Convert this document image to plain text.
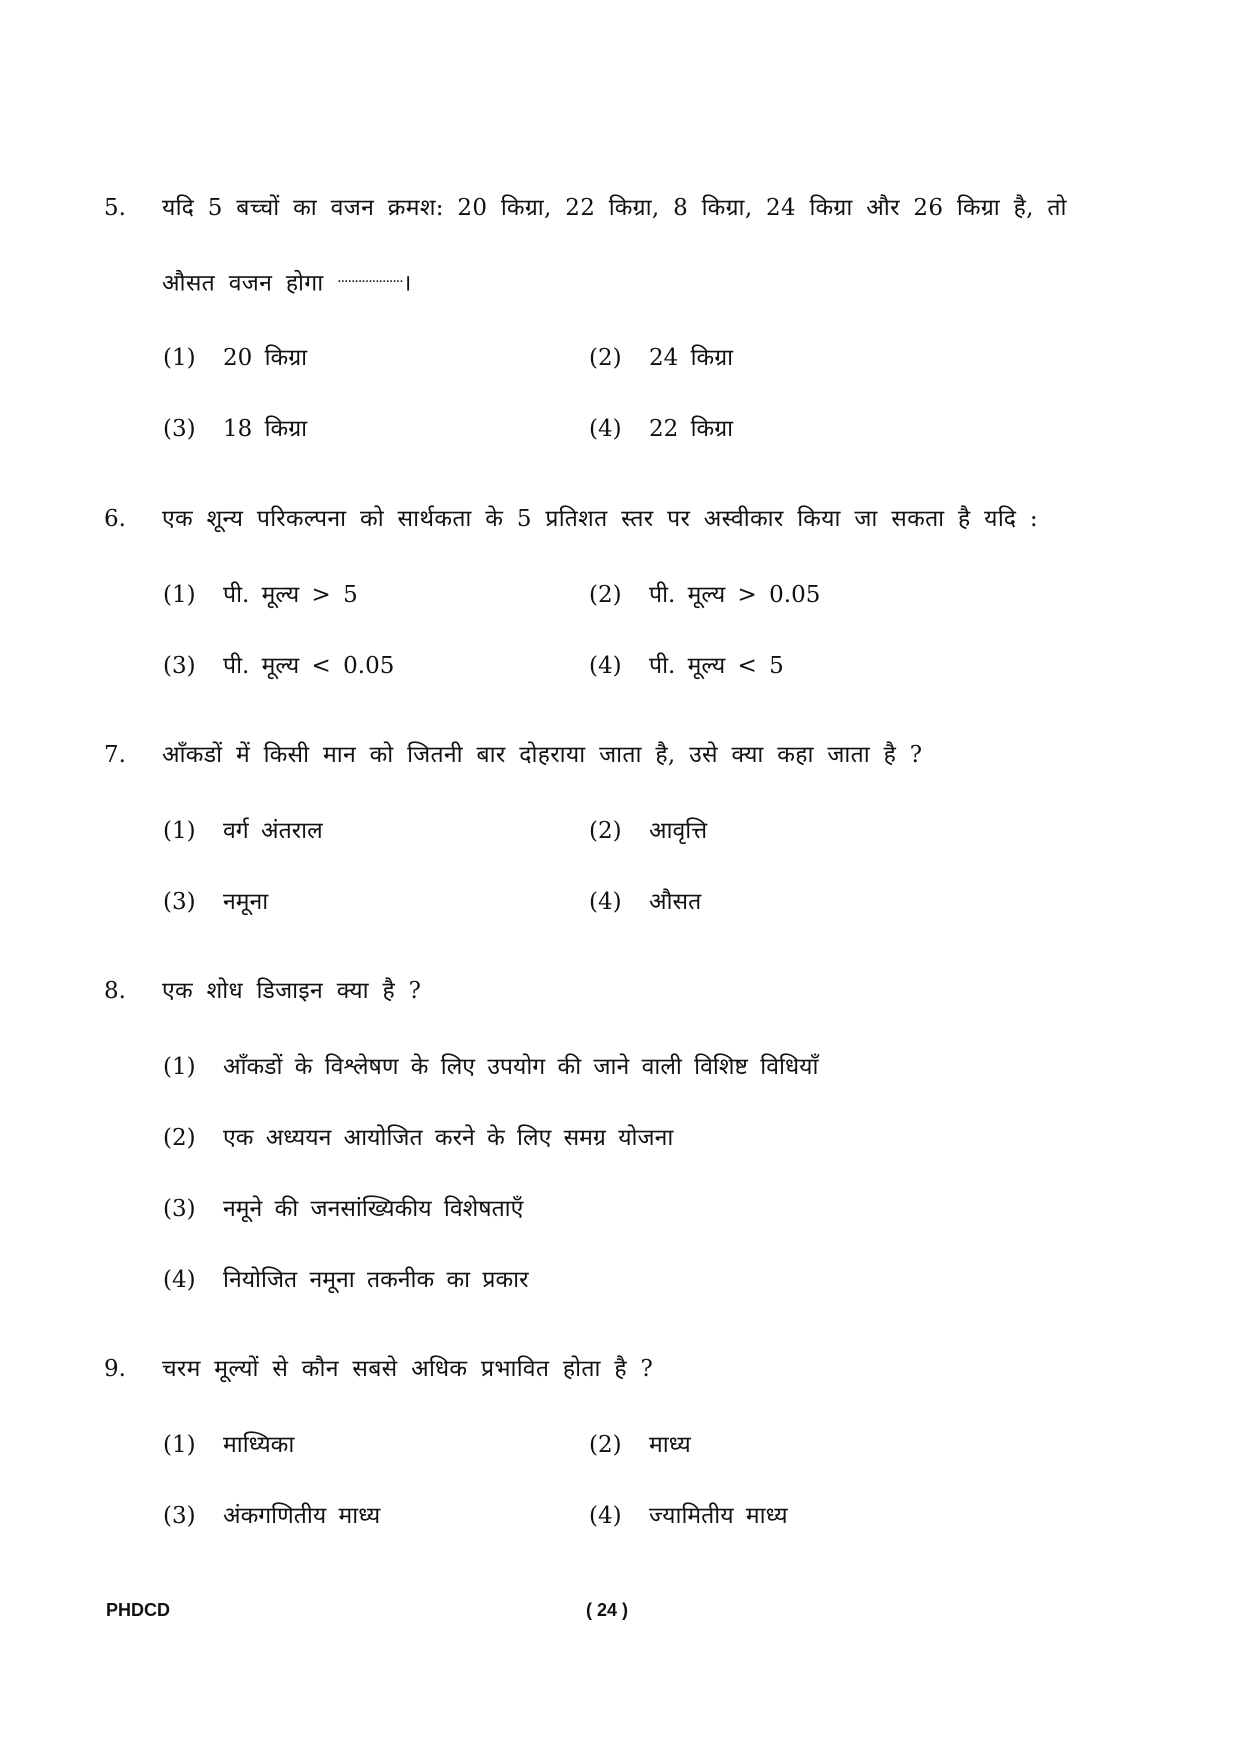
5. यदि 5 बच्चों का वजन क्रमश: 20 किग्रा, 22 किग्रा, 8 किग्रा, 24 किग्रा और 26 किग्रा है, तो
औसत वजन होगा ...................।
(1) 20 किग्रा	(2) 24 किग्रा
(3) 18 किग्रा	(4) 22 किग्रा
6. एक शून्य परिकल्पना को सार्थकता के 5 प्रतिशत स्तर पर अस्वीकार किया जा सकता है यदि :
(1) पी. मूल्य > 5	(2) पी. मूल्य > 0.05
(3) पी. मूल्य < 0.05	(4) पी. मूल्य < 5
7. आँकडों में किसी मान को जितनी बार दोहराया जाता है, उसे क्या कहा जाता है ?
(1) वर्ग अंतराल	(2) आवृत्ति
(3) नमूना	(4) औसत
8. एक शोध डिजाइन क्या है ?
(1) आँकडों के विश्लेषण के लिए उपयोग की जाने वाली विशिष्ट विधियाँ
(2) एक अध्ययन आयोजित करने के लिए समग्र योजना
(3) नमूने की जनसांख्यिकीय विशेषताएँ
(4) नियोजित नमूना तकनीक का प्रकार
9. चरम मूल्यों से कौन सबसे अधिक प्रभावित होता है ?
(1) माध्यिका	(2) माध्य
(3) अंकगणितीय माध्य	(4) ज्यामितीय माध्य
PHDCD	( 24 )
